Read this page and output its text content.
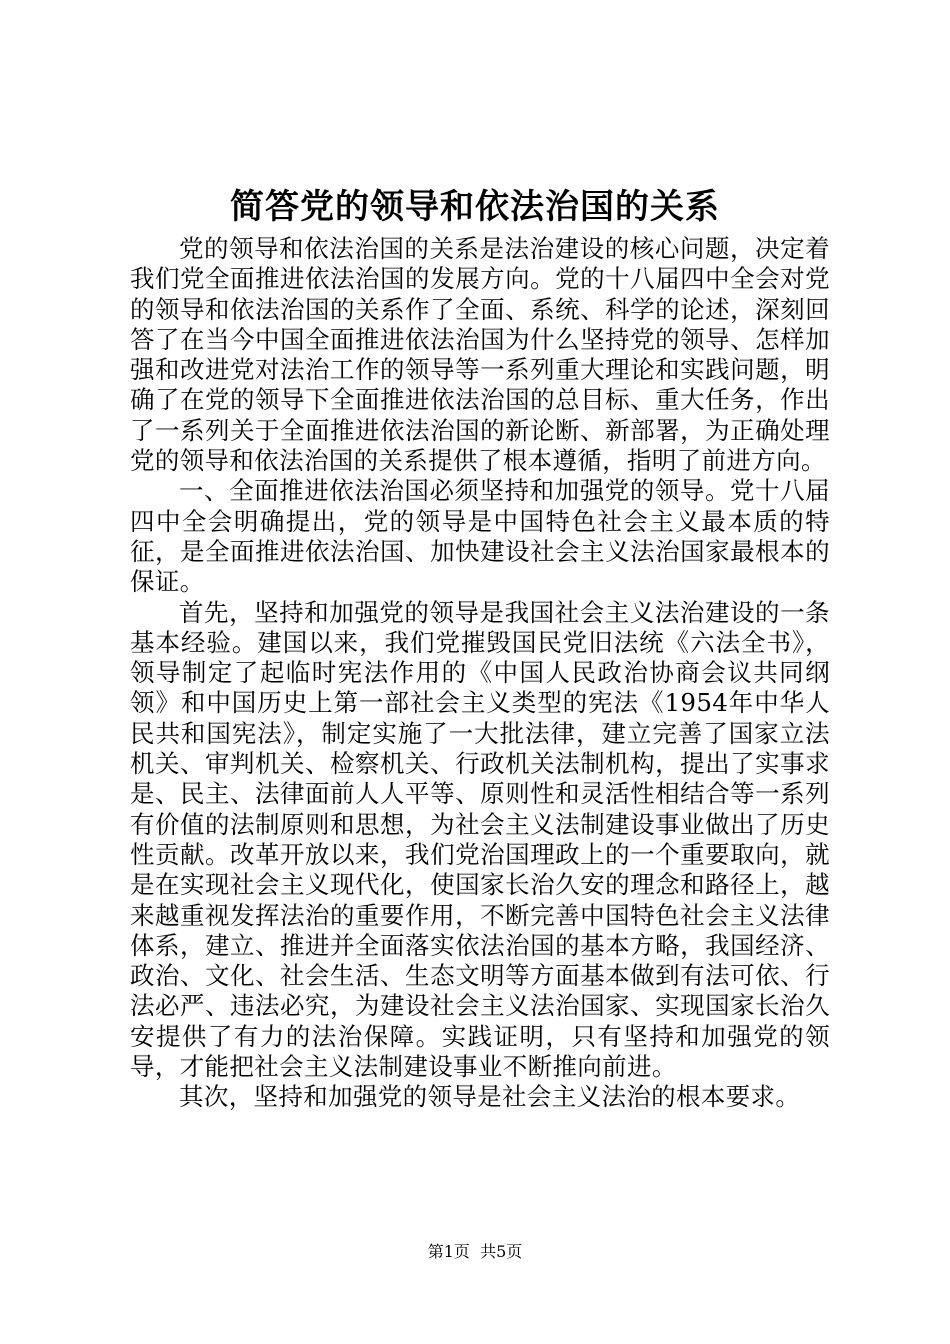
简答党的领导和依法治国的关系

党的领导和依法治国的关系是法治建设的核心问题，决定着我们党全面推进依法治国的发展方向。党的十八届四中全会对党的领导和依法治国的关系作了全面、系统、科学的论述，深刻回答了在当今中国全面推进依法治国为什么坚持党的领导、怎样加强和改进党对法治工作的领导等一系列重大理论和实践问题，明确了在党的领导下全面推进依法治国的总目标、重大任务，作出了一系列关于全面推进依法治国的新论断、新部署，为正确处理党的领导和依法治国的关系提供了根本遵循，指明了前进方向。

一、全面推进依法治国必须坚持和加强党的领导。党十八届四中全会明确提出，党的领导是中国特色社会主义最本质的特征，是全面推进依法治国、加快建设社会主义法治国家最根本的保证。

首先，坚持和加强党的领导是我国社会主义法治建设的一条基本经验。建国以来，我们党摧毁国民党旧法统《六法全书》，领导制定了起临时宪法作用的《中国人民政治协商会议共同纲领》和中国历史上第一部社会主义类型的宪法《1954年中华人民共和国宪法》，制定实施了一大批法律，建立完善了国家立法机关、审判机关、检察机关、行政机关法制机构，提出了实事求是、民主、法律面前人人平等、原则性和灵活性相结合等一系列有价值的法制原则和思想，为社会主义法制建设事业做出了历史性贡献。改革开放以来，我们党治国理政上的一个重要取向，就是在实现社会主义现代化，使国家长治久安的理念和路径上，越来越重视发挥法治的重要作用，不断完善中国特色社会主义法律体系，建立、推进并全面落实依法治国的基本方略，我国经济、政治、文化、社会生活、生态文明等方面基本做到有法可依、行法必严、违法必究，为建设社会主义法治国家、实现国家长治久安提供了有力的法治保障。实践证明，只有坚持和加强党的领导，才能把社会主义法制建设事业不断推向前进。

其次，坚持和加强党的领导是社会主义法治的根本要求。

第1页 共5页
